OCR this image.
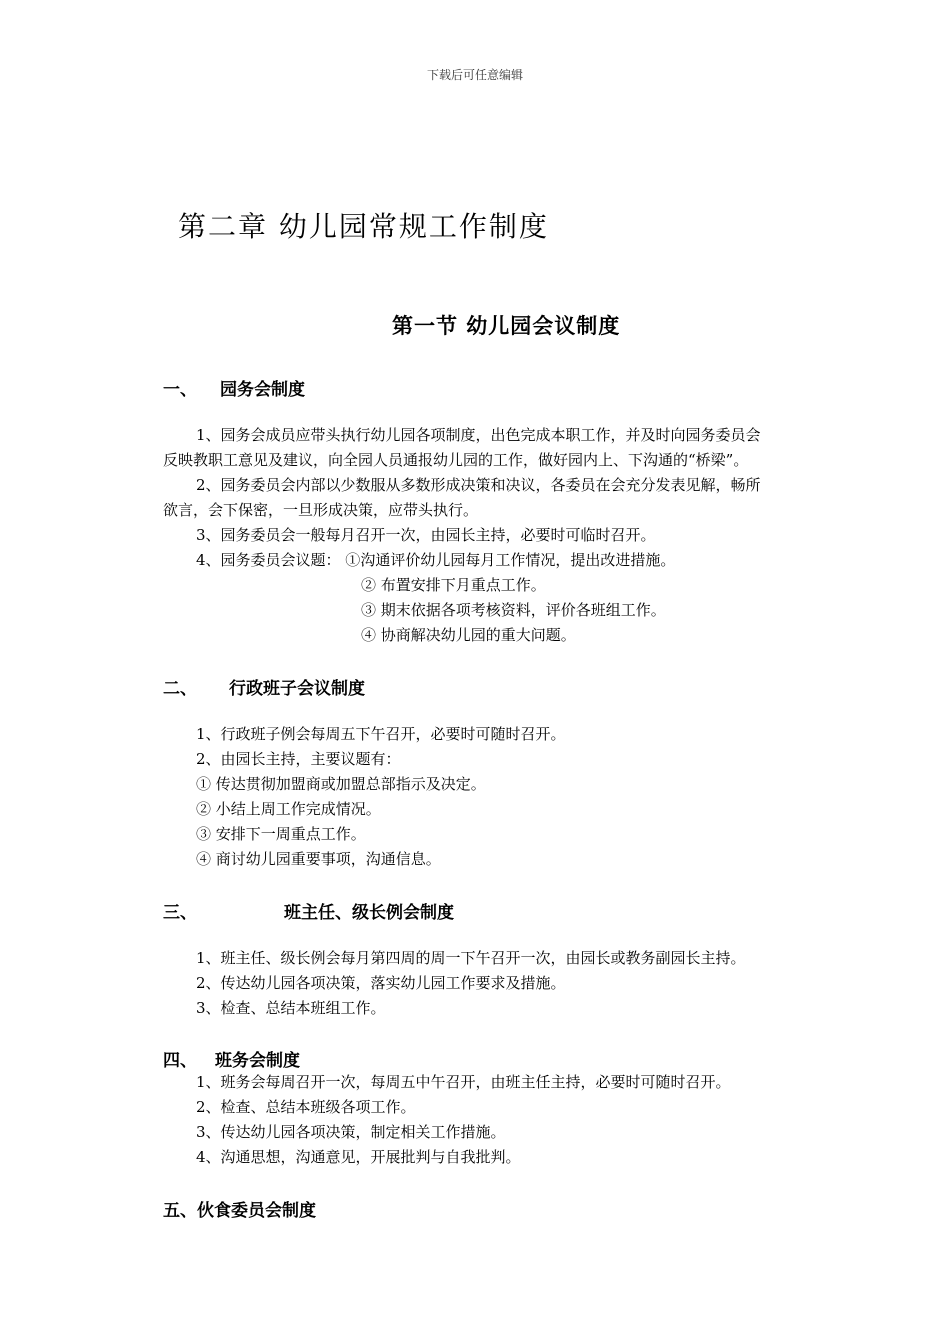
下载后可任意编辑
第二章 幼儿园常规工作制度
第一节 幼儿园会议制度
一、 园务会制度
1、园务会成员应带头执行幼儿园各项制度，出色完成本职工作，并及时向园务委员会
反映教职工意见及建议，向全园人员通报幼儿园的工作，做好园内上、下沟通的“桥梁”。
2、园务委员会内部以少数服从多数形成决策和决议，各委员在会充分发表见解，畅所
欲言，会下保密，一旦形成决策，应带头执行。
3、园务委员会一般每月召开一次，由园长主持，必要时可临时召开。
4、园务委员会议题： ①沟通评价幼儿园每月工作情况，提出改进措施。
② 布置安排下月重点工作。
③ 期末依据各项考核资料，评价各班组工作。
④ 协商解决幼儿园的重大问题。
二、 行政班子会议制度
1、行政班子例会每周五下午召开，必要时可随时召开。
2、由园长主持，主要议题有：
① 传达贯彻加盟商或加盟总部指示及决定。
② 小结上周工作完成情况。
③ 安排下一周重点工作。
④ 商讨幼儿园重要事项，沟通信息。
三、	班主任、级长例会制度
1、班主任、级长例会每月第四周的周一下午召开一次，由园长或教务副园长主持。
2、传达幼儿园各项决策，落实幼儿园工作要求及措施。
3、检查、总结本班组工作。
四、 班务会制度
1、班务会每周召开一次，每周五中午召开，由班主任主持，必要时可随时召开。
2、检查、总结本班级各项工作。
3、传达幼儿园各项决策，制定相关工作措施。
4、沟通思想，沟通意见，开展批判与自我批判。
五、伙食委员会制度
